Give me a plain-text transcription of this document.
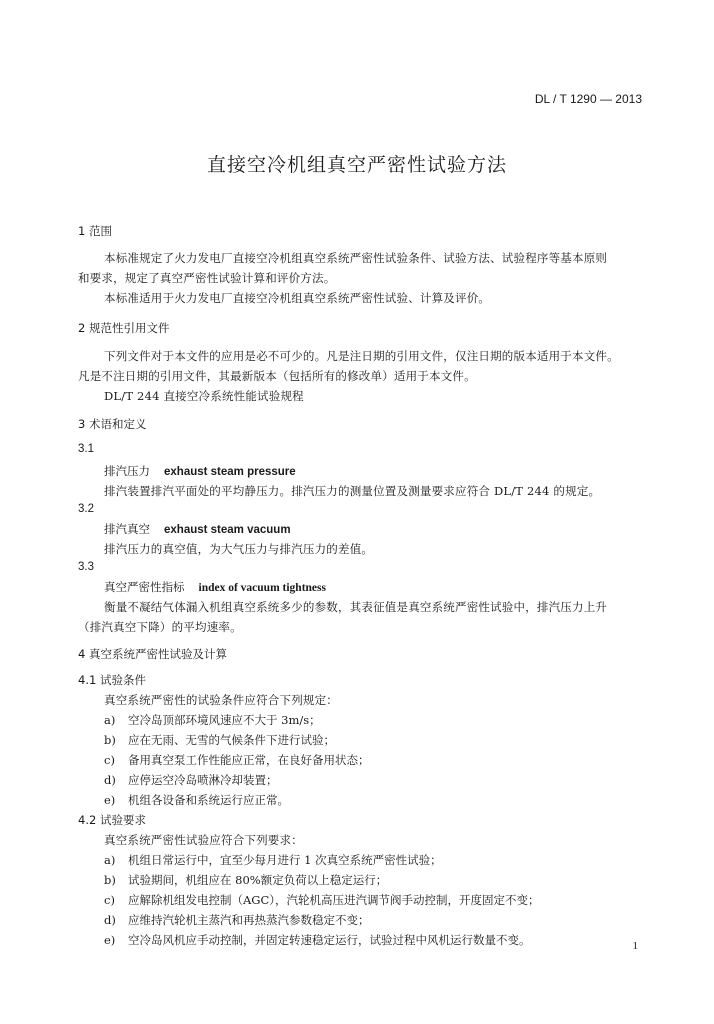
DL / T 1290 — 2013
直接空冷机组真空严密性试验方法
1 范围
本标准规定了火力发电厂直接空冷机组真空系统严密性试验条件、试验方法、试验程序等基本原则
和要求，规定了真空严密性试验计算和评价方法。
本标准适用于火力发电厂直接空冷机组真空系统严密性试验、计算及评价。
2 规范性引用文件
下列文件对于本文件的应用是必不可少的。凡是注日期的引用文件，仅注日期的版本适用于本文件。
凡是不注日期的引用文件，其最新版本（包括所有的修改单）适用于本文件。
DL/T 244 直接空冷系统性能试验规程
3 术语和定义
3.1
排汽压力 exhaust steam pressure
排汽装置排汽平面处的平均静压力。排汽压力的测量位置及测量要求应符合 DL/T 244 的规定。
3.2
排汽真空 exhaust steam vacuum
排汽压力的真空值，为大气压力与排汽压力的差值。
3.3
真空严密性指标 index of vacuum tightness
衡量不凝结气体漏入机组真空系统多少的参数，其表征值是真空系统严密性试验中，排汽压力上升
（排汽真空下降）的平均速率。
4 真空系统严密性试验及计算
4.1 试验条件
真空系统严密性的试验条件应符合下列规定：
a) 空冷岛顶部环境风速应不大于 3m/s；
b) 应在无雨、无雪的气候条件下进行试验；
c) 备用真空泵工作性能应正常，在良好备用状态；
d) 应停运空冷岛喷淋冷却装置；
e) 机组各设备和系统运行应正常。
4.2 试验要求
真空系统严密性试验应符合下列要求：
a) 机组日常运行中，宜至少每月进行 1 次真空系统严密性试验；
b) 试验期间，机组应在 80%额定负荷以上稳定运行；
c) 应解除机组发电控制（AGC），汽轮机高压进汽调节阀手动控制，开度固定不变；
d) 应维持汽轮机主蒸汽和再热蒸汽参数稳定不变；
e) 空冷岛风机应手动控制，并固定转速稳定运行，试验过程中风机运行数量不变。	1
